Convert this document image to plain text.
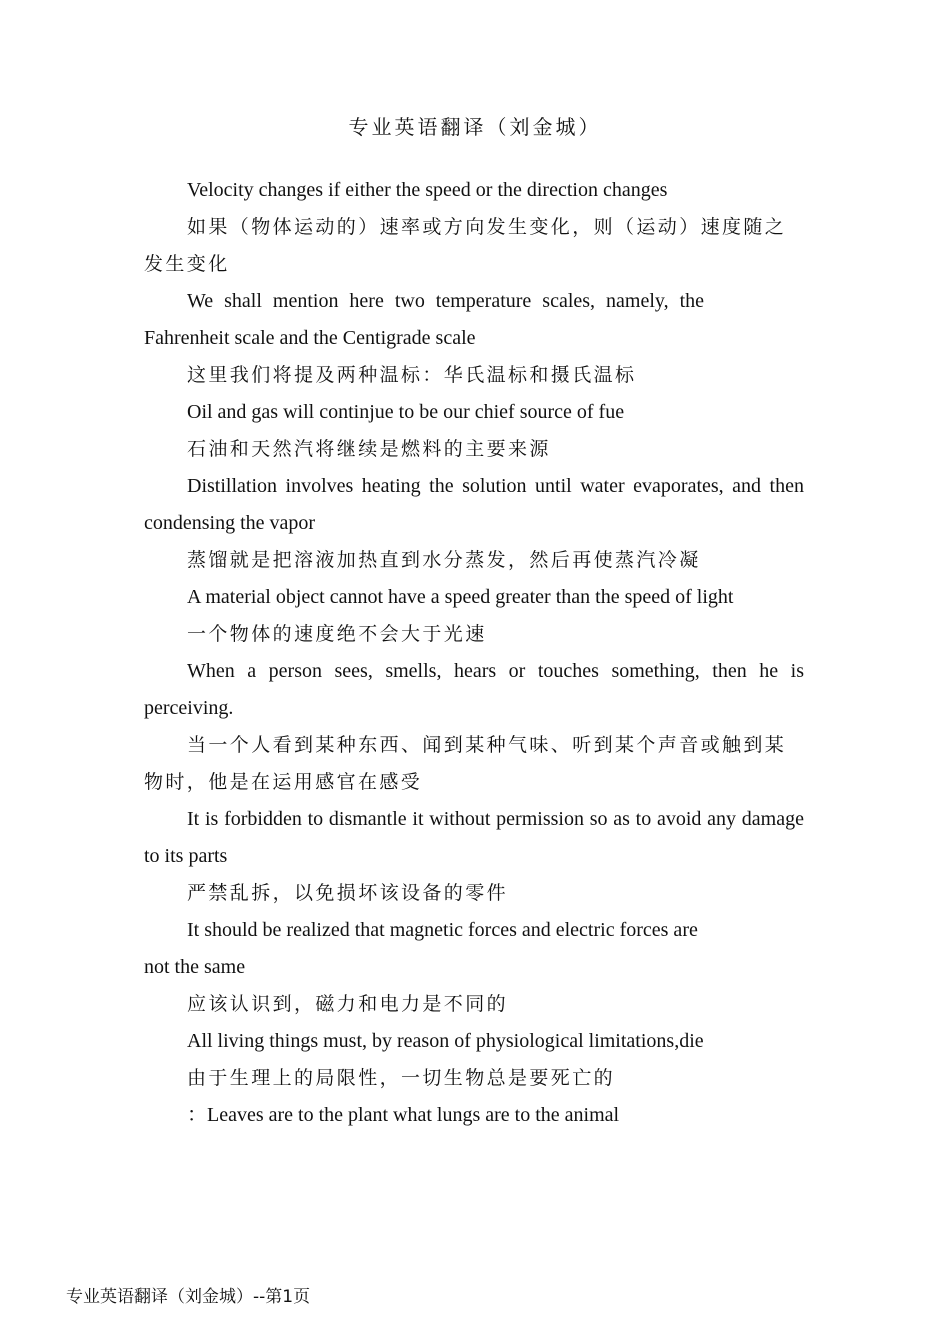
专业英语翻译（刘金城）

Velocity changes if either the speed or the direction changes

如果（物体运动的）速率或方向发生变化，则（运动）速度随之发生变化

We shall mention here two temperature scales, namely, the Fahrenheit scale and the Centigrade scale

这里我们将提及两种温标：华氏温标和摄氏温标

Oil and gas will continjue to be our chief source of fue

石油和天然汽将继续是燃料的主要来源

Distillation involves heating the solution until water evaporates, and then condensing the vapor

蒸馏就是把溶液加热直到水分蒸发，然后再使蒸汽冷凝

A material object cannot have a speed greater than the speed of light

一个物体的速度绝不会大于光速

When a person sees, smells, hears or touches something, then he is perceiving.

当一个人看到某种东西、闻到某种气味、听到某个声音或触到某物时，他是在运用感官在感受

It is forbidden to dismantle it without permission so as to avoid any damage to its parts

严禁乱拆，以免损坏该设备的零件

It should be realized that magnetic forces and electric forces are not the same

应该认识到，磁力和电力是不同的

All living things must, by reason of physiological limitations,die

由于生理上的局限性，一切生物总是要死亡的

：Leaves are to the plant what lungs are to the animal

专业英语翻译（刘金城）--第1页
